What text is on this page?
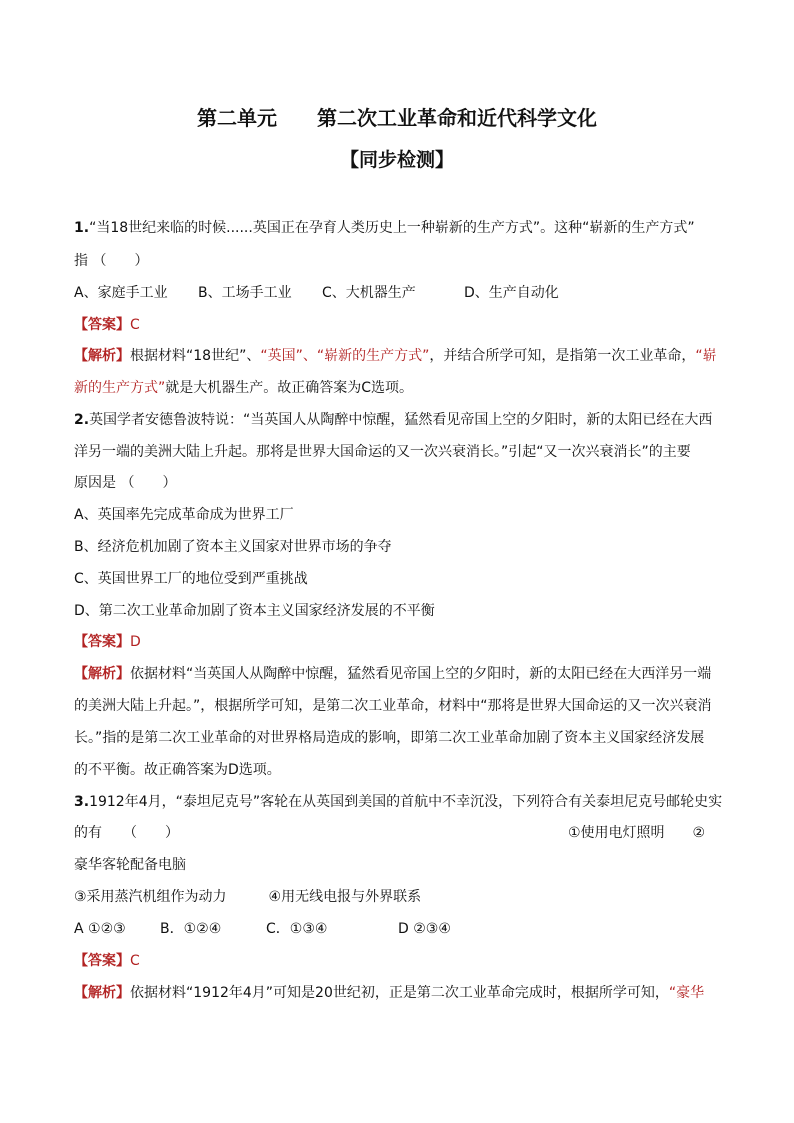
第二单元 第二次工业革命和近代科学文化
【同步检测】
1.“当18世纪来临的时候......英国正在孕育人类历史上一种崭新的生产方式”。这种“崭新的生产方式”
指 （　　）
A、家庭手工业 B、工场手工业 C、大机器生产	D、生产自动化
【答案】C
【解析】根据材料“18世纪”、“英国”、“崭新的生产方式”，并结合所学可知，是指第一次工业革命，“崭
新的生产方式”就是大机器生产。故正确答案为C选项。
2.英国学者安德鲁波特说：“当英国人从陶醉中惊醒，猛然看见帝国上空的夕阳时，新的太阳已经在大西
洋另一端的美洲大陆上升起。那将是世界大国命运的又一次兴衰消长。”引起“又一次兴衰消长”的主要
原因是 （　　）
A、英国率先完成革命成为世界工厂
B、经济危机加剧了资本主义国家对世界市场的争夺
C、英国世界工厂的地位受到严重挑战
D、第二次工业革命加剧了资本主义国家经济发展的不平衡
【答案】D
【解析】依据材料“当英国人从陶醉中惊醒，猛然看见帝国上空的夕阳时，新的太阳已经在大西洋另一端
的美洲大陆上升起。”，根据所学可知，是第二次工业革命，材料中“那将是世界大国命运的又一次兴衰消
长。”指的是第二次工业革命的对世界格局造成的影响，即第二次工业革命加剧了资本主义国家经济发展
的不平衡。故正确答案为D选项。
3.1912年4月，“泰坦尼克号”客轮在从英国到美国的首航中不幸沉没，下列符合有关泰坦尼克号邮轮史实
的有　　（　　）	①使用电灯照明　　②
豪华客轮配备电脑
③采用蒸汽机组作为动力　　　④用无线电报与外界联系
A ①②③ B．①②④	C．①③④	D ②③④
【答案】C
【解析】依据材料“1912年4月”可知是20世纪初，正是第二次工业革命完成时，根据所学可知，“豪华
